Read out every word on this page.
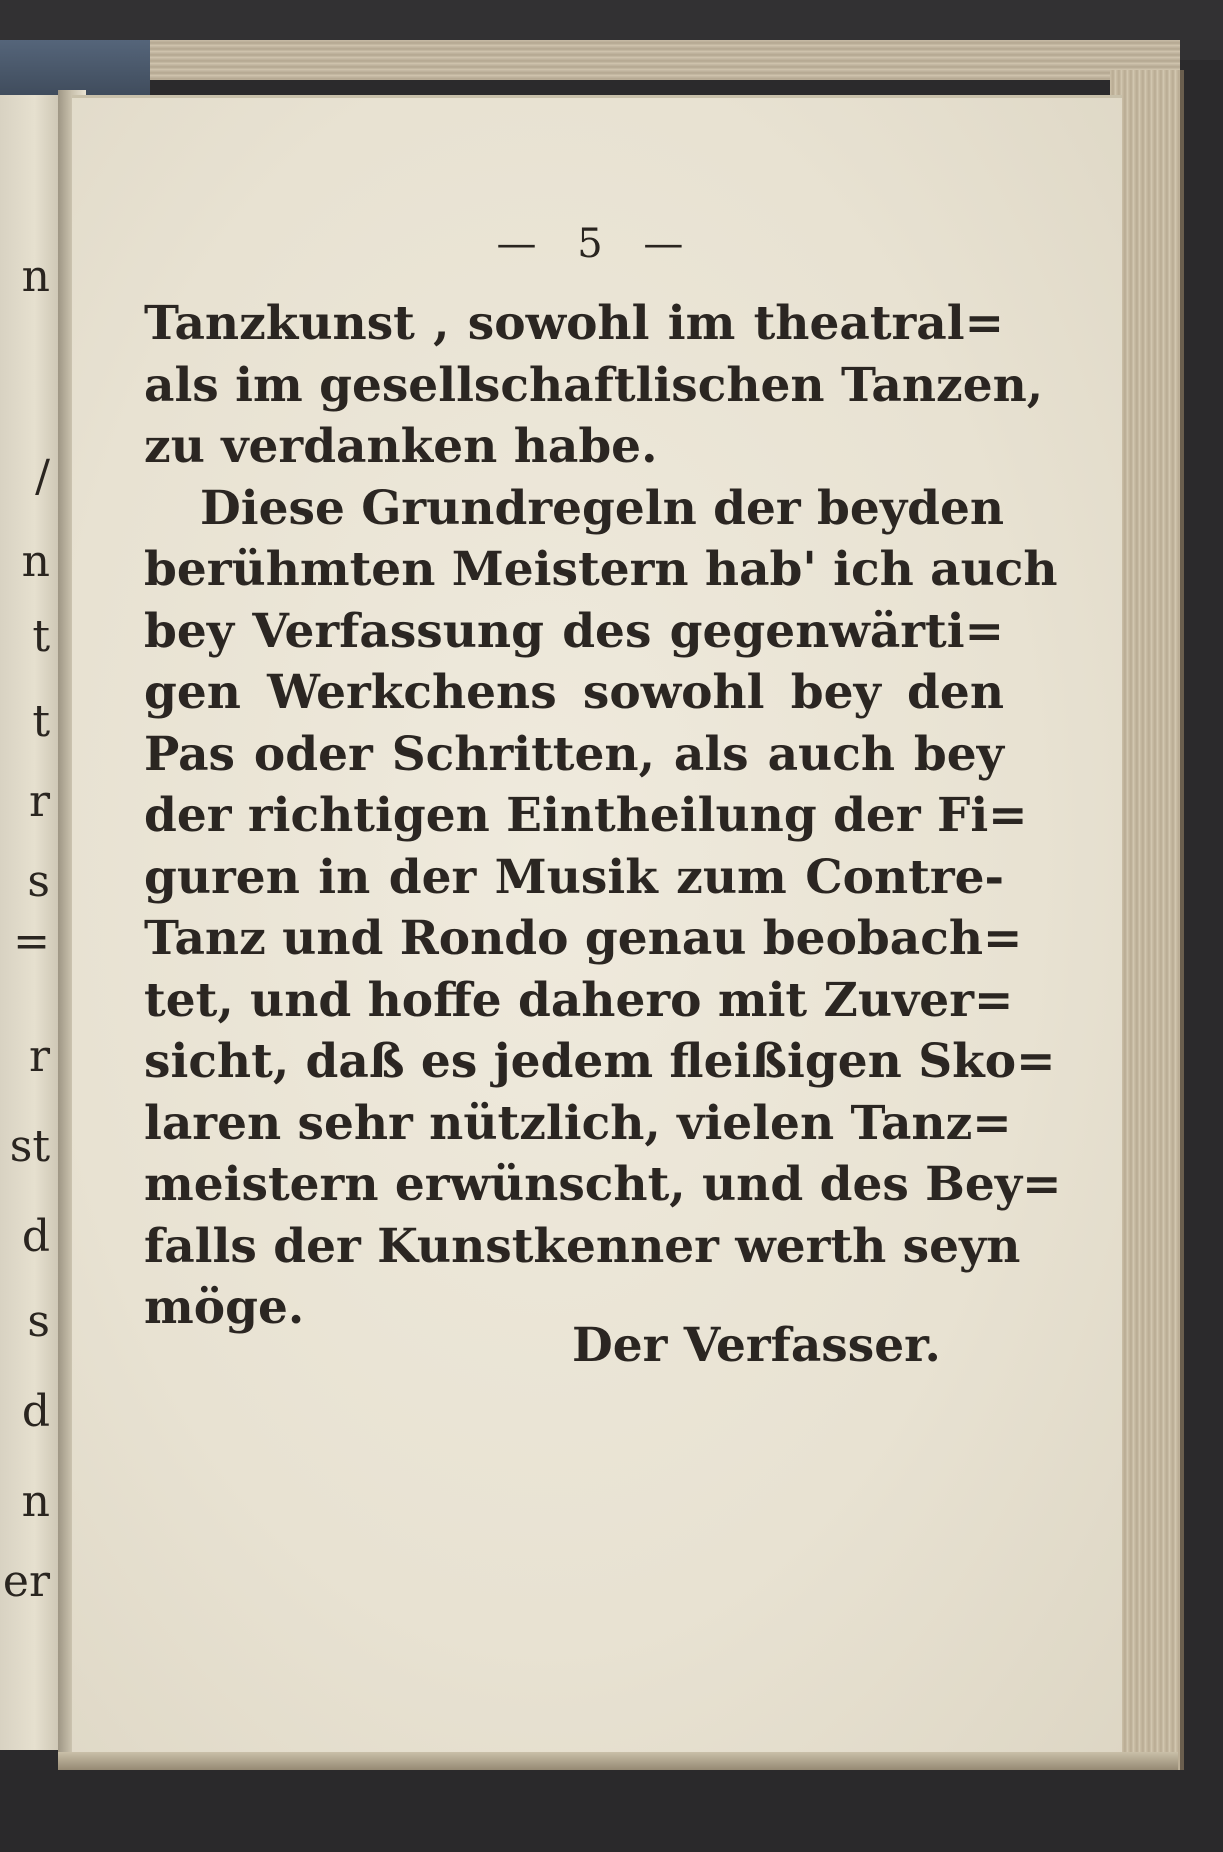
n
/
n
t
t
r
s
=
r
st
d
s
d
n
er
— 5 —
Tanzkunst , sowohl im theatral=
als im gesellschaftlischen Tanzen,
zu verdanken habe.
Diese Grundregeln der beyden
berühmten Meistern hab' ich auch
bey Verfassung des gegenwärti=
gen Werkchens sowohl bey den
Pas oder Schritten, als auch bey
der richtigen Eintheilung der Fi=
guren in der Musik zum Contre-
Tanz und Rondo genau beobach=
tet, und hoffe dahero mit Zuver=
sicht, daß es jedem fleißigen Sko=
laren sehr nützlich, vielen Tanz=
meistern erwünscht, und des Bey=
falls der Kunstkenner werth seyn
möge.
Der Verfasser.
